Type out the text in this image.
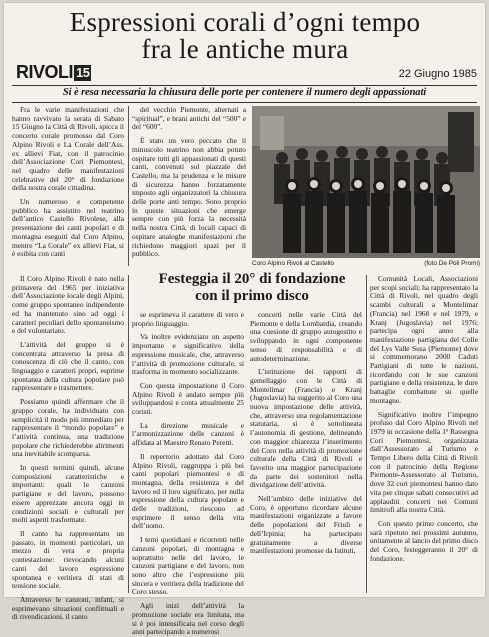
Espressioni corali d’ogni tempo
fra le antiche mura
RIVOLI 15	22 Giugno 1985
Si è resa necessaria la chiusura delle porte per contenere il numero degli appassionati

Fra le varie manifestazioni che hanno ravvivato la serata di Sabato 15 Giugno la Città di Rivoli, spicca il concerto corale promosso dal Coro Alpino Rivoli e La Corale dell’Ass. ex allievi Fiat, con il patrocinio dell’Associazione Cori Piemontesi, nel quadro delle manifestazioni celebrative del 20° di fondazione della nostra corale cittadina.

Un numeroso e competente pubblico ha assistito nel teatrino dell’antico Castello Rivolese, alla presentazione dei canti popolari e di montagna eseguiti dal Coro Alpino, mentre “La Corale” ex allievi Fiat, si è esibita con canti

del vecchio Piemonte, alternati a “spiritual”, e brani antichi del “500” e del “600”.

È stato un vero peccato che il minuscolo teatrino non abbia potuto ospitare tutti gli appassionati di questi canti, convenuti sul piazzale del Castello, ma la prudenza e le misure di sicurezza hanno forzatamente imposto agli organizzatori la chiusura delle porte anti tempo. Sono proprio in queste situazioni che emerge sempre con più forza la necessità nella nostra Città, di locali capaci di ospitare analoghe manifestazioni che richiedono maggiori spazi per il pubblico.

Coro Alpino Rivoli al Castello	(foto De Poli Promi)
Festeggia il 20° di fondazione
con il primo disco

Il Coro Alpino Rivoli è nato nella primavera del 1965 per iniziativa dell’Associazione locale degli Alpini, come gruppo spontaneo indipendente ed ha mantenuto sino ad oggi i caratteri peculiari dello spontaneismo e del volontariato.

L’attività del gruppo si è concentrata attraverso la presa di conoscenza di ciò che il canto, con linguaggio e caratteri propri, esprime spontanea della cultura popolare può rappresentare e trasmettere.

Possiamo quindi affermare che il gruppo corale, ha individuato con semplicità il modo più immediato per rappresentare il “mondo popolare” e l’attività continua, una tradizione popolare che richiederebbe altrimenti una inevitabile scomparsa.

In questi termini quindi, alcune composizioni caratteristiche e importanti: quali le canzoni partigiane e del lavoro, possono essere apprezzate ancora oggi in condizioni sociali e culturali per molti aspetti trasformate.

Il canto ha rappresentato un passato, in momenti particolari, un mezzo di vera e propria contestazione: rievocando alcuni canti del lavoro espressione spontanea e veritiera di stati di tensione sociale.

Attraverso le canzoni, infatti, si esprimevano situazioni conflittuali e di rivendicazioni, il canto

se esprimeva il carattere di vero e proprio linguaggio.

Va inoltre evidenziato un aspetto importante e significativo della espressione musicale, che, attraverso l’attività di promozione culturale, si trasforma in momento socializzante.

Con questa impostazione il Coro Alpino Rivoli è andato sempre più sviluppandosi e conta attualmente 25 coristi.

La direzione musicale e l’armonizzazione delle canzoni è affidata al Maestro Renato Peretti.

Il repertorio adottato dal Coro Alpino Rivoli, raggruppa i più bei canti popolari piemontesi e di montagna, della resistenza e del lavoro ed il loro significato, per nulla espressione della cultura popolare e delle tradizioni, riescono ad esprimere il senso della vita dell’uomo.

I temi quotidiani e ricorrenti nelle canzoni popolari, di montagna e soprattutto nelle del lavoro, le canzoni partigiane e del lavoro, non sono altro che l’espressione più sincera e veritiera della tradizione del Coro stesso.

Agli inizi dell’attività la promozione sociale era limitata, ma si è poi intensificata nel corso degli anni partecipando a numerosi

concerti nelle varie Città del Piemonte e della Lombardia, creando una coesione di gruppo autogestito e sviluppando in ogni componente senso di responsabilità e di autodeterminazione.

L’istituzione dei rapporti di gemellaggio con le Città di Montelimar (Francia) e Kranj (Jugoslavia) ha suggerito al Coro una nuova impostazione delle attività, che, attraverso una regolamentazione statutaria, si è sottolineata l’autonomia di gestione, delineando con maggior chiarezza l’inserimento del Coro nella attività di promozione culturale della Città di Rivoli e favorito una maggior partecipazione da parte dei sostenitori nella divulgazione dell’attività.

Nell’ambito delle iniziative del Coro, è opportuno ricordare alcune manifestazioni organizzate a favore delle popolazioni del Friuli e dell’Irpinia; ha partecipato gratuitamente a diverse manifestazioni promosse da Istituti,

Comunità Locali, Associazioni per scopi sociali; ha rappresentato la Città di Rivoli, nel quadro degli scambi culturali a Montelimar (Francia) nel 1968 e nel 1979, e Kranj (Jugoslavia) nel 1976; partecipa ogni anno alla manifestazione partigiana del Colle del Lys Valle Susa (Piemonte) dove si commemorano 2000 Caduti Partigiani di tutte le nazioni, ricordando con le sue canzoni partigiane e della resistenza, le dure battaglie combattute su quelle montagne.

Significativo inoltre l’impegno profuso dal Coro Alpino Rivoli nel 1979 in occasione della 1ª Rassegna Cori Piemontesi, organizzata dall’Assessorato al Turismo e Tempo Libero della Città di Rivoli con il patrocinio della Regione Piemonte-Assessorato al Turismo, dove 32 cori piemontesi hanno dato vita per cinque sabati consecutivi ad applauditi concerti nei Comuni limitrofi alla nostra Città.

Con questo primo concerto, che sarà ripetuto nei prossimi autunno, unitamente al lancio del primo disco del Coro, festeggeranno il 20° di fondazione.
